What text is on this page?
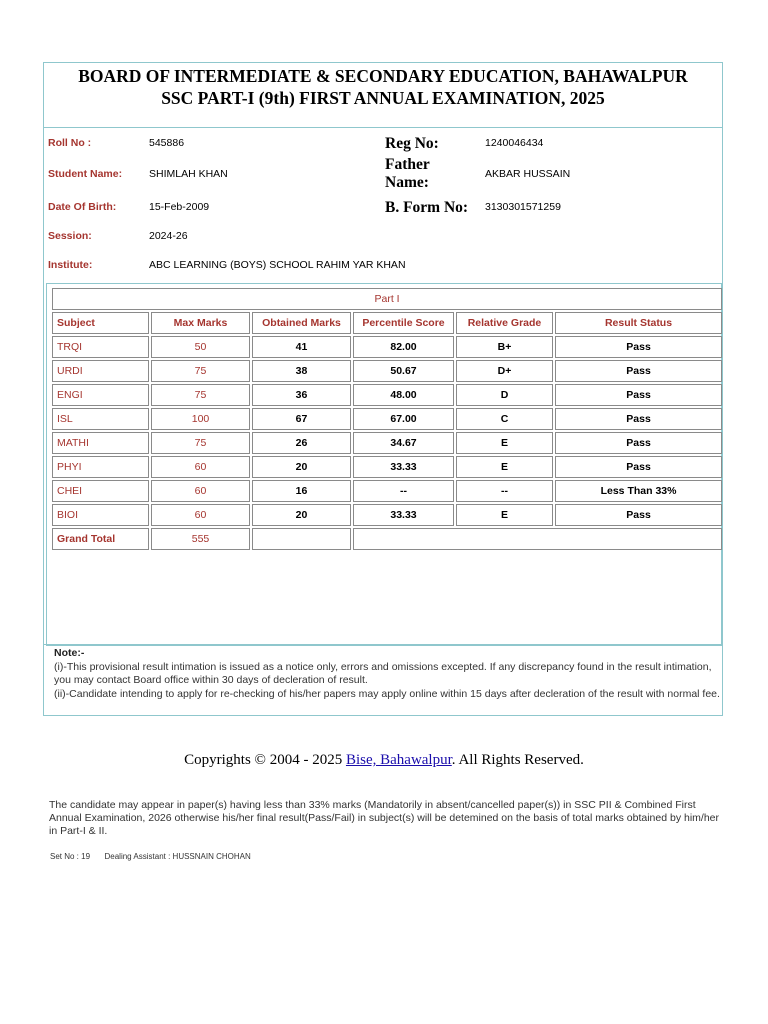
BOARD OF INTERMEDIATE & SECONDARY EDUCATION, BAHAWALPUR
SSC PART-I (9th) FIRST ANNUAL EXAMINATION, 2025
Roll No :	545886
Student Name:	SHIMLAH KHAN
Date Of Birth:	15-Feb-2009
Session:	2024-26
Institute:	ABC LEARNING (BOYS) SCHOOL RAHIM YAR KHAN
Reg No:	1240046434
Father
Name:	AKBAR HUSSAIN
B. Form No: 3130301571259
Part I					
Subject	Max Marks	Obtained Marks	Percentile Score	Relative Grade	Result Status
TRQI	50	41	82.00	B+	Pass
URDI	75	38	50.67	D+	Pass
ENGI	75	36	48.00	D	Pass
ISL	100	67	67.00	C	Pass
MATHI	75	26	34.67	E	Pass
PHYI	60	20	33.33	E	Pass
CHEI	60	16	--	--	Less Than 33%
BIOI	60	20	33.33	E	Pass
Grand Total	555				
The candidate may appear in paper(s) having less than 33% marks (Mandatorily in absent/cancelled paper(s)) in SSC PII & Combined First Annual Examination, 2026 otherwise his/her final result(Pass/Fail) in subject(s) will be detemined on the basis of total marks obtained by him/her in Part-I & II.
Set No : 19 Dealing Assistant : HUSSNAIN CHOHAN
Note:-
(i)-This provisional result intimation is issued as a notice only, errors and omissions excepted. If any discrepancy found in the result intimation, you may contact Board office within 30 days of decleration of result.
(ii)-Candidate intending to apply for re-checking of his/her papers may apply online within 15 days after decleration of the result with normal fee.
Copyrights © 2004 - 2025 Bise, Bahawalpur. All Rights Reserved.
